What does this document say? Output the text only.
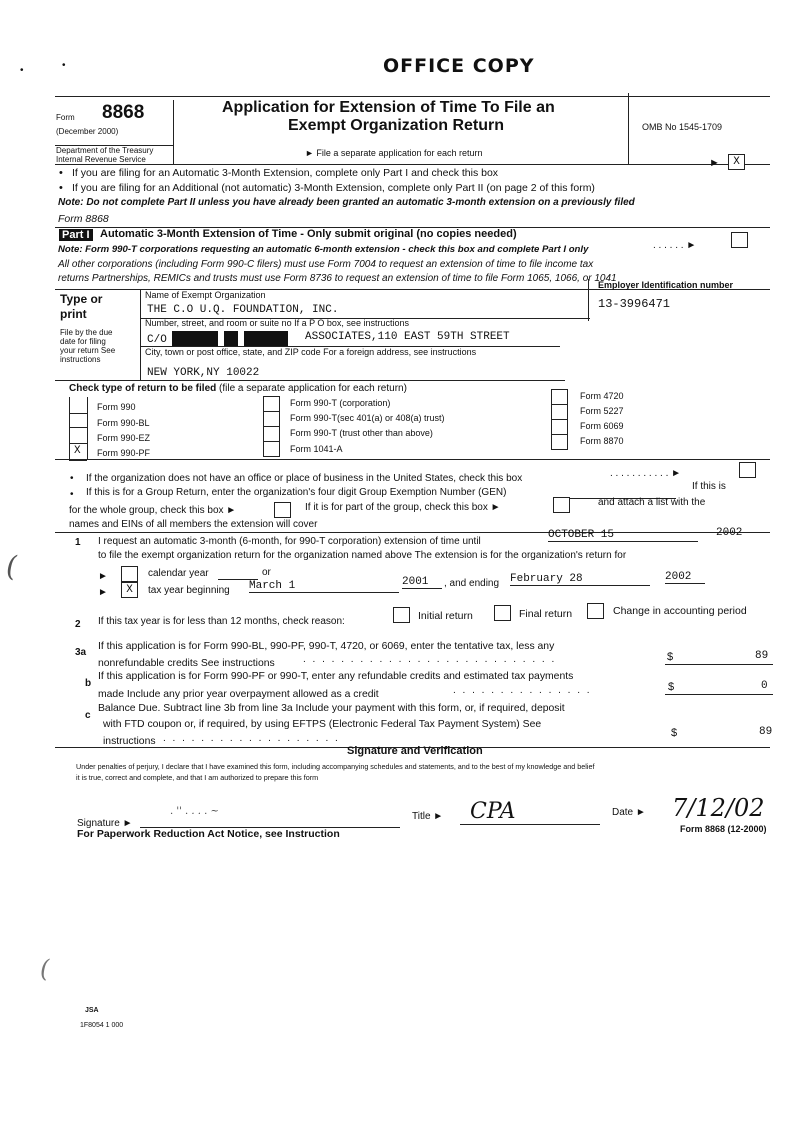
OFFICE COPY
Form 8868
(December 2000)
Application for Extension of Time To File an
Exempt Organization Return	OMB No 1545-1709
Department of the Treasury
Internal Revenue Service
► File a separate application for each return
• If you are filing for an Automatic 3-Month Extension, complete only Part I and check this box
►	X
• If you are filing for an Additional (not automatic) 3-Month Extension, complete only Part II (on page 2 of this form)
Note: Do not complete Part II unless you have already been granted an automatic 3-month extension on a previously filed
Form 8868
Part I Automatic 3-Month Extension of Time - Only submit original (no copies needed)
Note: Form 990-T corporations requesting an automatic 6-month extension - check this box and complete Part I only	. . . . . . ►
All other corporations (including Form 990-C filers) must use Form 7004 to request an extension of time to file income tax
returns Partnerships, REMICs and trusts must use Form 8736 to request an extension of time to file Form 1065, 1066, or 1041
Type or
print
File by the due
date for filing
your return See
instructions
Name of Exempt Organization
THE C.O U.Q. FOUNDATION, INC.
Employer Identification number
13-3996471
Number, street, and room or suite no If a P O box, see instructions
C/O	ASSOCIATES,110 EAST 59TH STREET
City, town or post office, state, and ZIP code For a foreign address, see instructions
NEW YORK,NY 10022
Check type of return to be filed (file a separate application for each return)
Form 990
Form 990-BL
Form 990-EZ
X Form 990-PF
Form 990-T (corporation)
Form 990-T(sec 401(a) or 408(a) trust)
Form 990-T (trust other than above)
Form 1041-A
Form 4720
Form 5227
Form 6069
Form 8870
• If the organization does not have an office or place of business in the United States, check this box	. . . . . . . . . . . ►
• If this is for a Group Return, enter the organization's four digit Group Exemption Number (GEN)
If this is
for the whole group, check this box ►	If it is for part of the group, check this box ►	and attach a list with the
names and EINs of all members the extension will cover
1 I request an automatic 3-month (6-month, for 990-T corporation) extension of time until
OCTOBER 15	2002
to file the exempt organization return for the organization named above The extension is for the organization's return for
►	calendar year	or
►	X	tax year beginning March 1	2001	, and ending February 28	2002
2 If this tax year is for less than 12 months, check reason:	Initial return	Final return	Change in accounting period
3a
If this application is for Form 990-BL, 990-PF, 990-T, 4720, or 6069, enter the tentative tax, less any
nonrefundable credits See instructions	. . . . . . . . . . . . . . . . . . . . . . . . . . .	$	89
b
If this application is for Form 990-PF or 990-T, enter any refundable credits and estimated tax payments
made Include any prior year overpayment allowed as a credit	. . . . . . . . . . . . . . .	$	0
c
Balance Due. Subtract line 3b from line 3a Include your payment with this form, or, if required, deposit
with FTD coupon or, if required, by using EFTPS (Electronic Federal Tax Payment System) See
instructions . . . . . . . . . . . . . . . . . . .	$	89
Signature and Verification
Under penalties of perjury, I declare that I have examined this form, including accompanying schedules and statements, and to the best of my knowledge and belief
it is true, correct and complete, and that I am authorized to prepare this form
Signature ►
. '' . . . . ~	Title ► CPA	Date ► 7/12/02
Form 8868 (12-2000)
For Paperwork Reduction Act Notice, see Instruction
•	•
(
(
JSA
1F8054 1 000
